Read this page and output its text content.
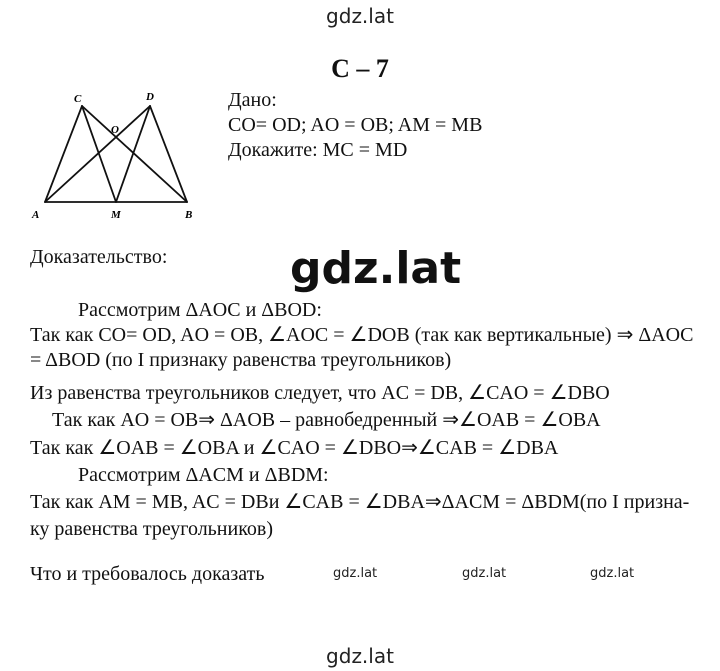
gdz.lat
gdz.lat
gdz.lat	gdz.lat	gdz.lat
gdz.lat
С – 7
C	D
O
A	M	B
Дано:
CO= OD; AO = OB; AM = MB
Докажите: MC = MD
Доказательство:
Рассмотрим ΔAOC и ΔBOD:
Так как CO= OD, AO = OB, ∠AOC = ∠DOB (так как вертикальные) ⇒ ΔAOC
= ΔBOD (по I признаку равенства треугольников)
Из равенства треугольников следует, что AC = DB, ∠CAO = ∠DBO
Так как AO = OB⇒ ΔAOB – равнобедренный ⇒∠OAB = ∠OBA
Так как ∠OAB = ∠OBA и ∠CAO = ∠DBO⇒∠CAB = ∠DBA
Рассмотрим ΔACM и ΔBDM:
Так как AM = MB, AC = DBи ∠CAB = ∠DBA⇒ΔACM = ΔBDM(по I призна-
ку равенства треугольников)
Что и требовалось доказать
